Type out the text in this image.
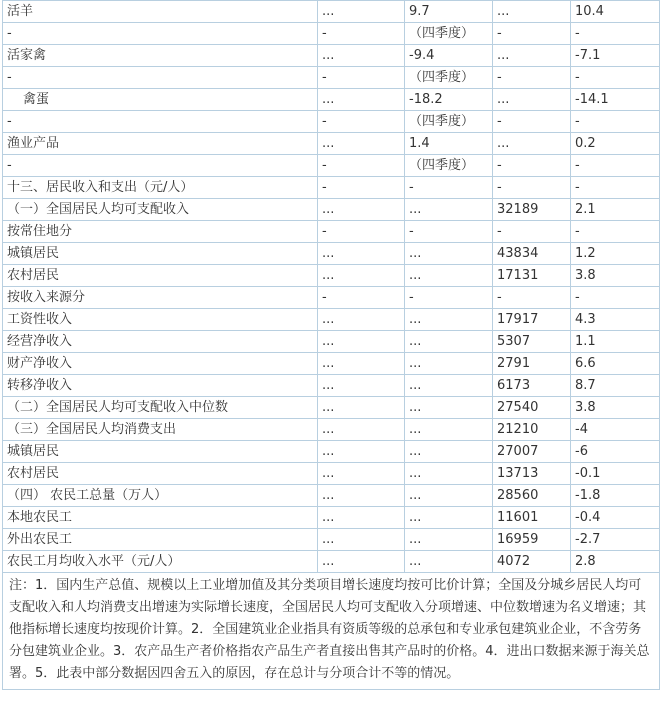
活羊	...	9.7	...	10.4
-	-	（四季度）	-	-
活家禽	...	-9.4	...	-7.1
-	-	（四季度）	-	-
禽蛋	...	-18.2	...	-14.1
-	-	（四季度）	-	-
渔业产品	...	1.4	...	0.2
-	-	（四季度）	-	-
十三、居民收入和支出（元/人）	-	-	-	-
（一）全国居民人均可支配收入	...	...	32189	2.1
按常住地分	-	-	-	-
城镇居民	...	...	43834	1.2
农村居民	...	...	17131	3.8
按收入来源分	-	-	-	-
工资性收入	...	...	17917	4.3
经营净收入	...	...	5307	1.1
财产净收入	...	...	2791	6.6
转移净收入	...	...	6173	8.7
（二）全国居民人均可支配收入中位数	...	...	27540	3.8
（三）全国居民人均消费支出	...	...	21210	-4
城镇居民	...	...	27007	-6
农村居民	...	...	13713	-0.1
（四） 农民工总量（万人）	...	...	28560	-1.8
本地农民工	...	...	11601	-0.4
外出农民工	...	...	16959	-2.7
农民工月均收入水平（元/人）	...	...	4072	2.8
注：1．国内生产总值、规模以上工业增加值及其分类项目增长速度均按可比价计算；全国及分城乡居民人均可支配收入和人均消费支出增速为实际增长速度，全国居民人均可支配收入分项增速、中位数增速为名义增速；其他指标增长速度均按现价计算。2．全国建筑业企业指具有资质等级的总承包和专业承包建筑业企业，不含劳务分包建筑业企业。3．农产品生产者价格指农产品生产者直接出售其产品时的价格。4．进出口数据来源于海关总署。5．此表中部分数据因四舍五入的原因，存在总计与分项合计不等的情况。				
